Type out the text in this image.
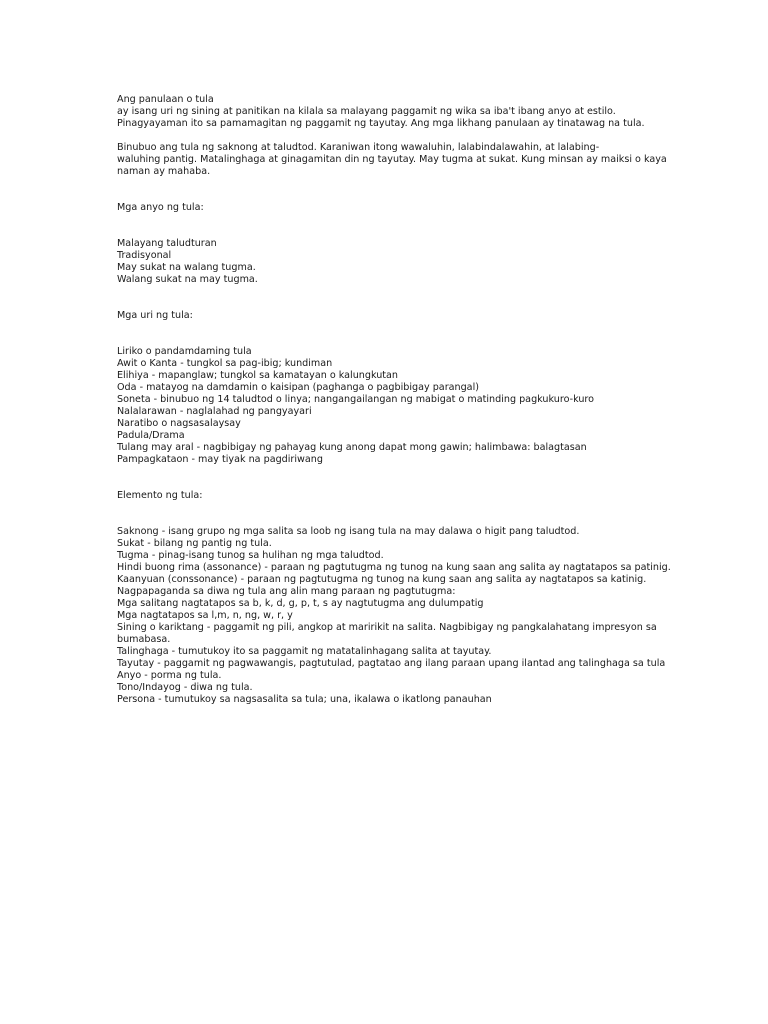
Ang panulaan o tula
ay isang uri ng sining at panitikan na kilala sa malayang paggamit ng wika sa iba't ibang anyo at estilo.
Pinagyayaman ito sa pamamagitan ng paggamit ng tayutay. Ang mga likhang panulaan ay tinatawag na tula.
Binubuo ang tula ng saknong at taludtod. Karaniwan itong wawaluhin, lalabindalawahin, at lalabing-
waluhing pantig. Matalinghaga at ginagamitan din ng tayutay. May tugma at sukat. Kung minsan ay maiksi o kaya
naman ay mahaba.
Mga anyo ng tula:
Malayang taludturan
Tradisyonal
May sukat na walang tugma.
Walang sukat na may tugma.
Mga uri ng tula:
Liriko o pandamdaming tula
Awit o Kanta - tungkol sa pag-ibig; kundiman
Elihiya - mapanglaw; tungkol sa kamatayan o kalungkutan
Oda - matayog na damdamin o kaisipan (paghanga o pagbibigay parangal)
Soneta - binubuo ng 14 taludtod o linya; nangangailangan ng mabigat o matinding pagkukuro-kuro
Nalalarawan - naglalahad ng pangyayari
Naratibo o nagsasalaysay
Padula/Drama
Tulang may aral - nagbibigay ng pahayag kung anong dapat mong gawin; halimbawa: balagtasan
Pampagkataon - may tiyak na pagdiriwang
Elemento ng tula:
Saknong - isang grupo ng mga salita sa loob ng isang tula na may dalawa o higit pang taludtod.
Sukat - bilang ng pantig ng tula.
Tugma - pinag-isang tunog sa hulihan ng mga taludtod.
Hindi buong rima (assonance) - paraan ng pagtutugma ng tunog na kung saan ang salita ay nagtatapos sa patinig.
Kaanyuan (conssonance) - paraan ng pagtutugma ng tunog na kung saan ang salita ay nagtatapos sa katinig.
Nagpapaganda sa diwa ng tula ang alin mang paraan ng pagtutugma:
Mga salitang nagtatapos sa b, k, d, g, p, t, s ay nagtutugma ang dulumpatig
Mga nagtatapos sa l,m, n, ng, w, r, y
Sining o kariktang - paggamit ng pili, angkop at maririkit na salita. Nagbibigay ng pangkalahatang impresyon sa
bumabasa.
Talinghaga - tumutukoy ito sa paggamit ng matatalinhagang salita at tayutay.
Tayutay - paggamit ng pagwawangis, pagtutulad, pagtatao ang ilang paraan upang ilantad ang talinghaga sa tula
Anyo - porma ng tula.
Tono/Indayog - diwa ng tula.
Persona - tumutukoy sa nagsasalita sa tula; una, ikalawa o ikatlong panauhan
